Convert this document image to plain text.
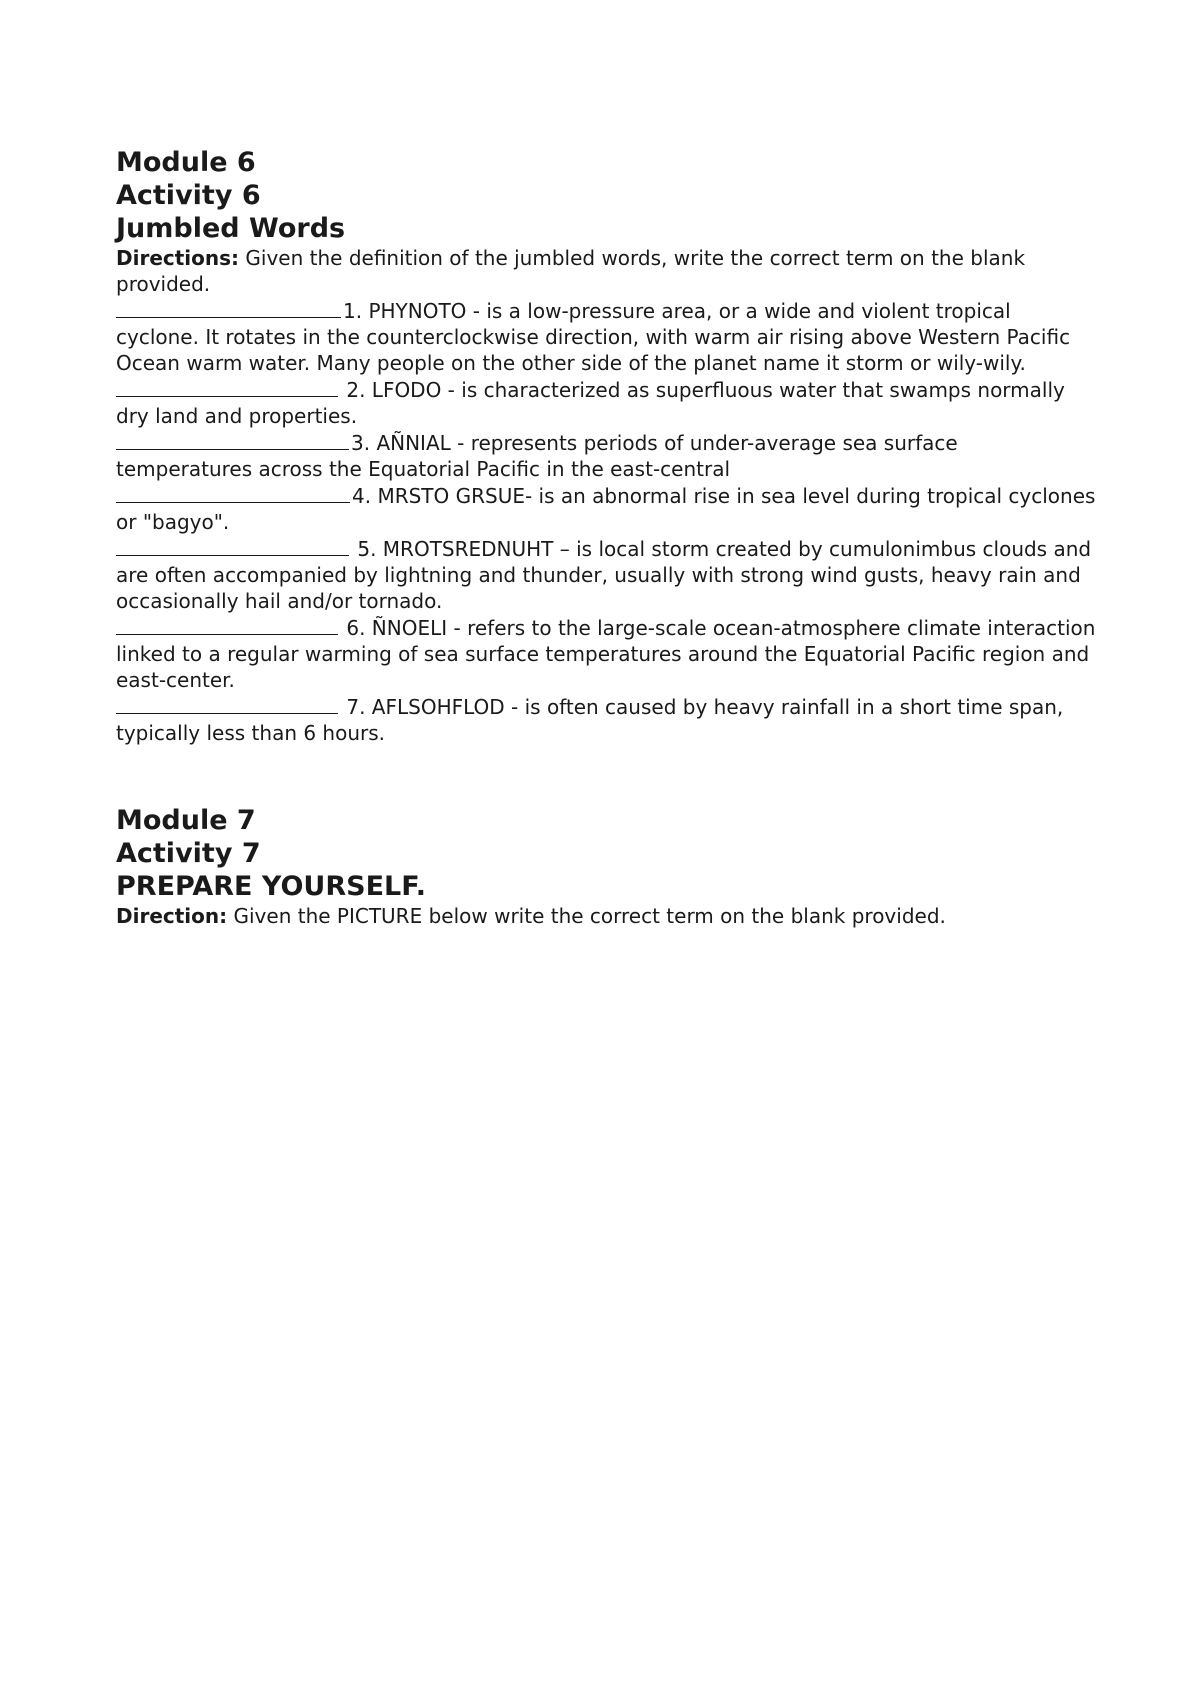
Module 6
Activity 6
Jumbled Words

Directions: Given the definition of the jumbled words, write the correct term on the blank provided.

1. PHYNOTO - is a low-pressure area, or a wide and violent tropical cyclone. It rotates in the counterclockwise direction, with warm air rising above Western Pacific Ocean warm water. Many people on the other side of the planet name it storm or wily-wily.

2. LFODO - is characterized as superfluous water that swamps normally dry land and properties.

3. AÑNIAL - represents periods of under-average sea surface temperatures across the Equatorial Pacific in the east-central

4. MRSTO GRSUE- is an abnormal rise in sea level during tropical cyclones or "bagyo".

5. MROTSREDNUHT – is local storm created by cumulonimbus clouds and are often accompanied by lightning and thunder, usually with strong wind gusts, heavy rain and occasionally hail and/or tornado.

6. ÑNOELI - refers to the large-scale ocean-atmosphere climate interaction linked to a regular warming of sea surface temperatures around the Equatorial Pacific region and east-center.

7. AFLSOHFLOD - is often caused by heavy rainfall in a short time span, typically less than 6 hours.

Module 7
Activity 7
PREPARE YOURSELF.

Direction: Given the PICTURE below write the correct term on the blank provided.
